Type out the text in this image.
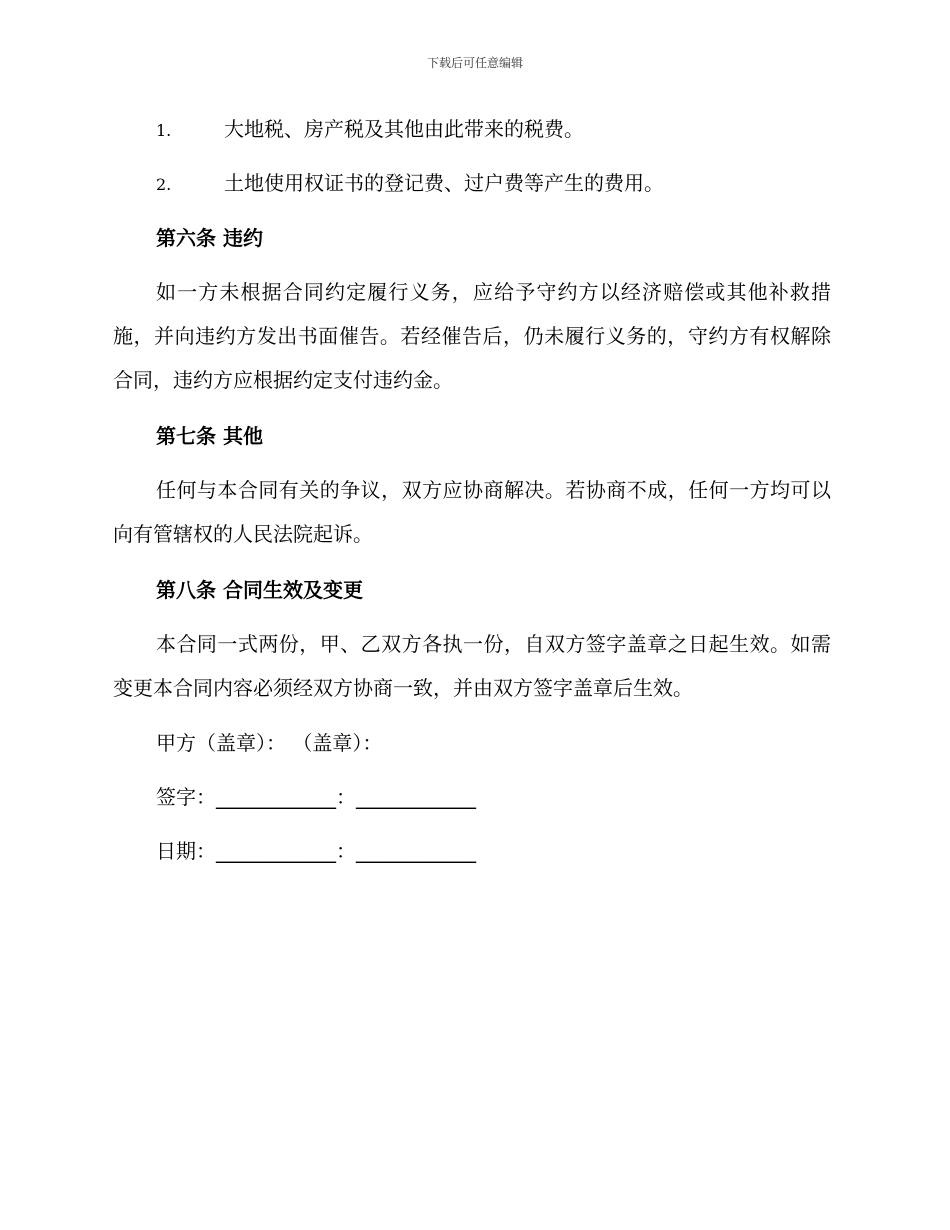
下载后可任意编辑
1.	大地税、房产税及其他由此带来的税费。
2.	土地使用权证书的登记费、过户费等产生的费用。
第六条 违约

如一方未根据合同约定履行义务，应给予守约方以经济赔偿或其他补救措施，并向违约方发出书面催告。若经催告后，仍未履行义务的，守约方有权解除合同，违约方应根据约定支付违约金。

第七条 其他

任何与本合同有关的争议，双方应协商解决。若协商不成，任何一方均可以向有管辖权的人民法院起诉。

第八条 合同生效及变更

本合同一式两份，甲、乙双方各执一份，自双方签字盖章之日起生效。如需变更本合同内容必须经双方协商一致，并由双方签字盖章后生效。

甲方（盖章）： （盖章）：
签字：____________：____________
日期：____________：____________
